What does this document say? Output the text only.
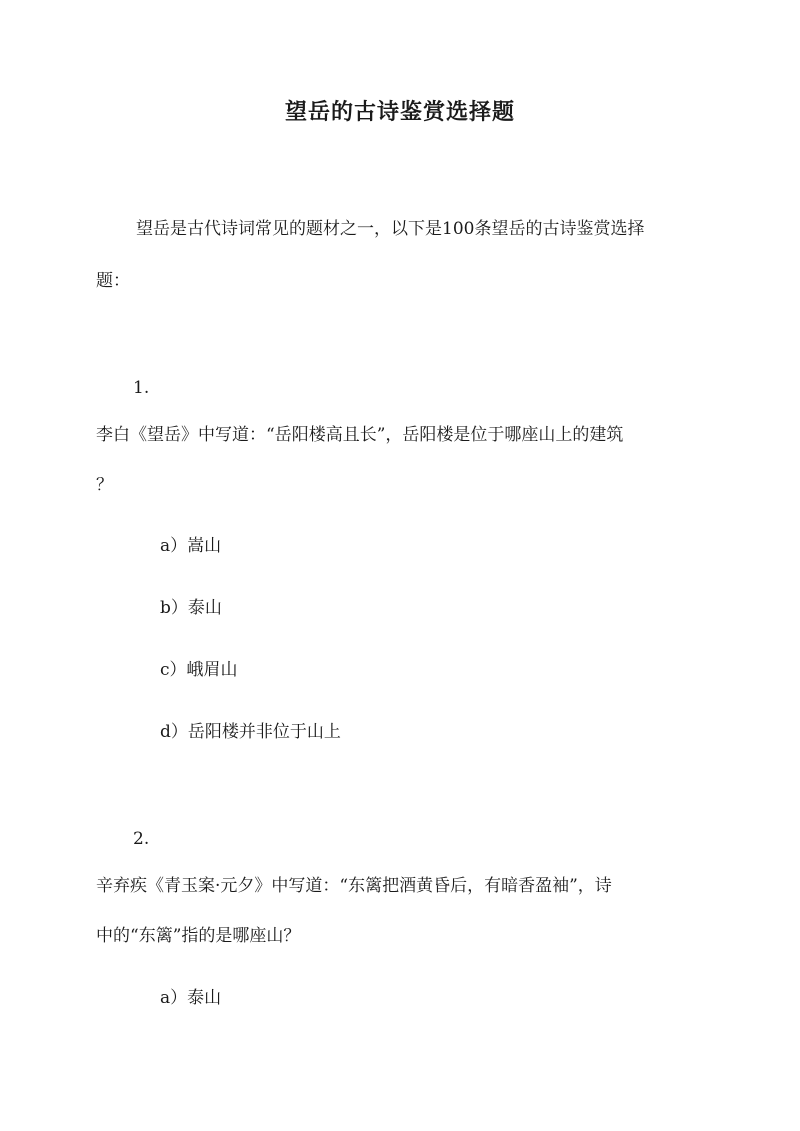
望岳的古诗鉴赏选择题
望岳是古代诗词常见的题材之一，以下是100条望岳的古诗鉴赏选择
题：
1.
李白《望岳》中写道：“岳阳楼高且长”，岳阳楼是位于哪座山上的建筑
？
a）嵩山
b）泰山
c）峨眉山
d）岳阳楼并非位于山上
2.
辛弃疾《青玉案·元夕》中写道：“东篱把酒黄昏后，有暗香盈袖”，诗
中的“东篱”指的是哪座山？
a）泰山
